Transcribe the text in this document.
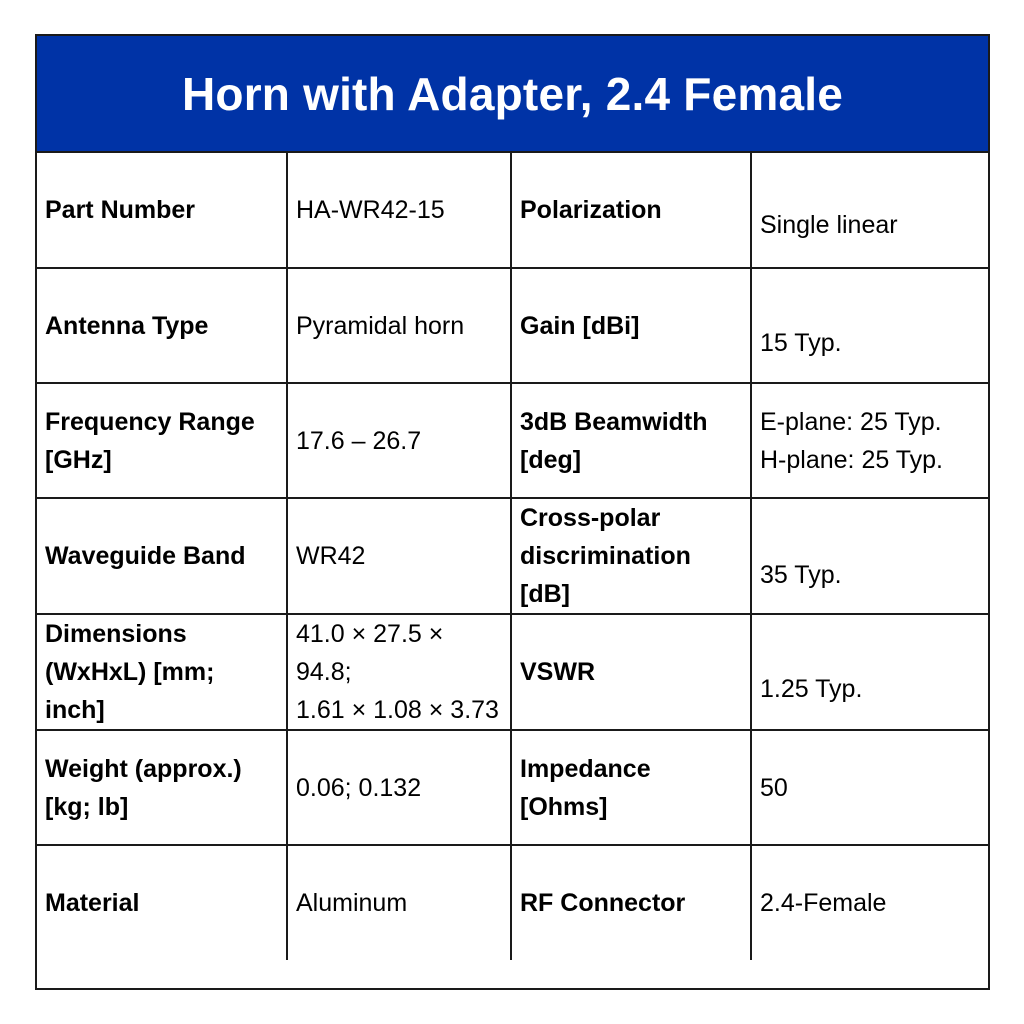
Horn with Adapter, 2.4 Female
Part Number	HA-WR42-15	Polarization	Single linear

Antenna Type	Pyramidal horn	Gain [dBi]	15 Typ.

Frequency Range
[GHz]	17.6 – 26.7	3dB Beamwidth
[deg]	E-plane: 25 Typ.
H-plane: 25 Typ.

Waveguide Band	WR42	Cross-polar
discrimination [dB]	35 Typ.

Dimensions
(WxHxL) [mm; inch]	41.0 × 27.5 × 94.8;
1.61 × 1.08 × 3.73	VSWR	1.25 Typ.

Weight (approx.)
[kg; lb]	0.06; 0.132	Impedance
[Ohms]	50

Material	Aluminum	RF Connector	2.4-Female
